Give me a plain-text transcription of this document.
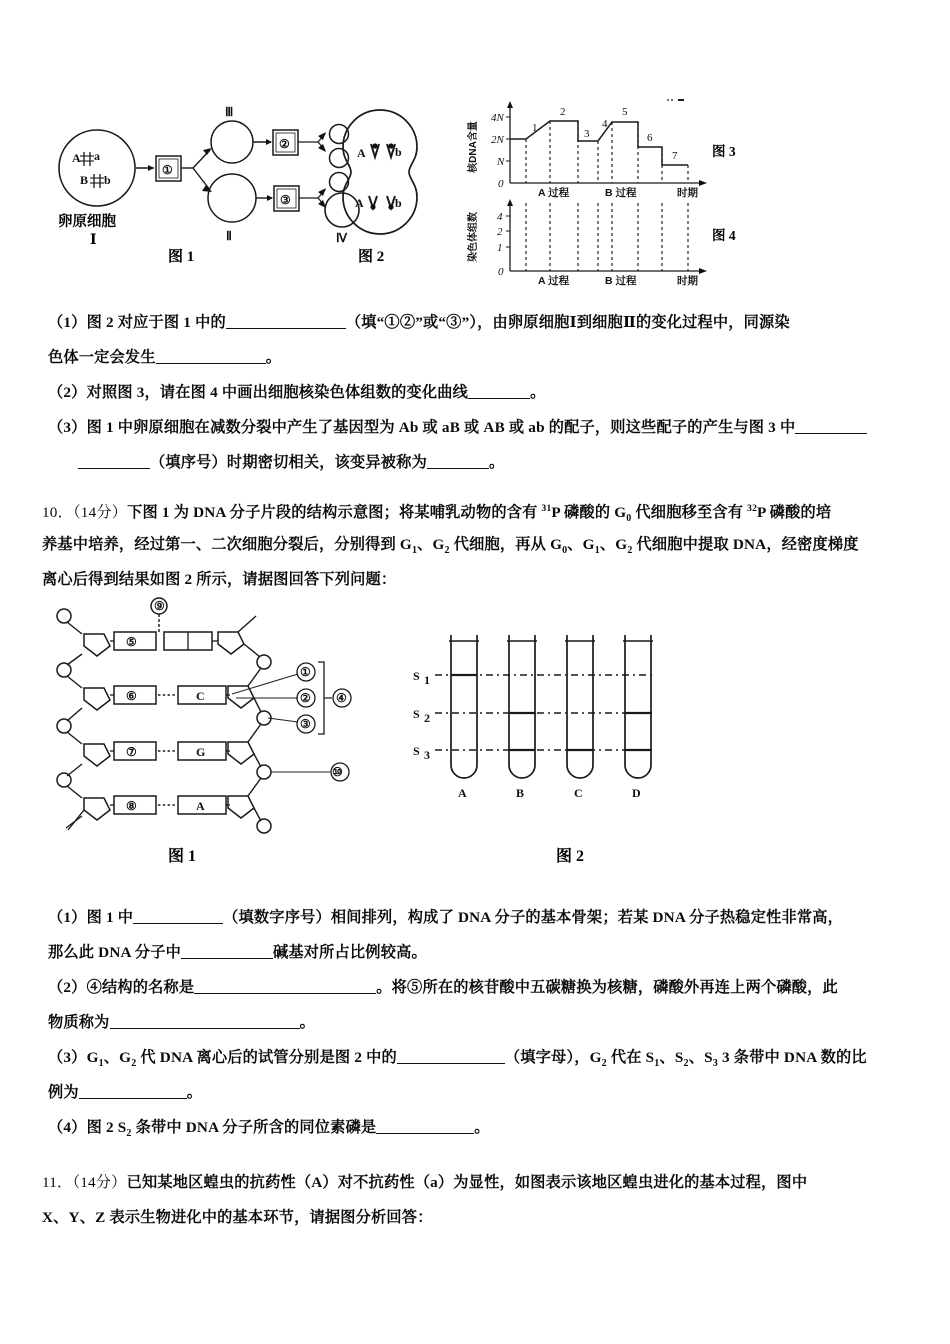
A a
B b
①
Ⅲ
②
Ⅱ
③
Ⅳ
卵原细胞
Ⅰ
图 1
A b
A	b
图 2
4N
2N
N
0
核DNA含量	1
2
3
4
5
6
7
A 过程	B 过程	时期
4
2
1
0
染色体组数
A 过程	B 过程	时期
图 3
图 4
（1）图 2 对应于图 1 中的	（填“①②”或“③”），由卵原细胞Ⅰ到细胞Ⅱ的变化过程中，同源染
色体一定会发生	。
（2）对照图 3，请在图 4 中画出细胞核染色体组数的变化曲线	。
（3）图 1 中卵原细胞在减数分裂中产生了基因型为 Ab 或 aB 或 AB 或 ab 的配子，则这些配子的产生与图 3 中
（填序号）时期密切相关，该变异被称为	。
10．（14分）下图 1 为 DNA 分子片段的结构示意图；将某哺乳动物的含有 $^{31}$P 磷酸的 $G_0$ 代细胞移至含有 $^{32}$P 磷酸的培
养基中培养，经过第一、二次细胞分裂后，分别得到 $G_1$、$G_2$ 代细胞，再从 $G_0$、$G_1$、$G_2$ 代细胞中提取 DNA，经密度梯度
离心后得到结果如图 2 所示，请据图回答下列问题：
⑤
⑥
⑦
⑧
C
G
A
⑨
①
②
③
④
⑩
图 1
S 1
S 2
S 3
A	B	C	D
图 2
（1）图 1 中	（填数字序号）相间排列，构成了 DNA 分子的基本骨架；若某 DNA 分子热稳定性非常高，
那么此 DNA 分子中	碱基对所占比例较高。
（2）④结构的名称是	。将⑤所在的核苷酸中五碳糖换为核糖，磷酸外再连上两个磷酸，此
物质称为	。
$(3)G_1$、$G_2$ 代 DNA 离心后的试管分别是图 2 中的	（填字母），$G_2$ 代在 $S_1$、$S_2$、$S_3$ 3 条带中 DNA 数的比
例为	。
（4）图 2 $S_2$ 条带中 DNA 分子所含的同位素磷是	。
11．（14分）已知某地区蝗虫的抗药性（A）对不抗药性（a）为显性，如图表示该地区蝗虫进化的基本过程，图中
X、Y、Z 表示生物进化中的基本环节，请据图分析回答：
